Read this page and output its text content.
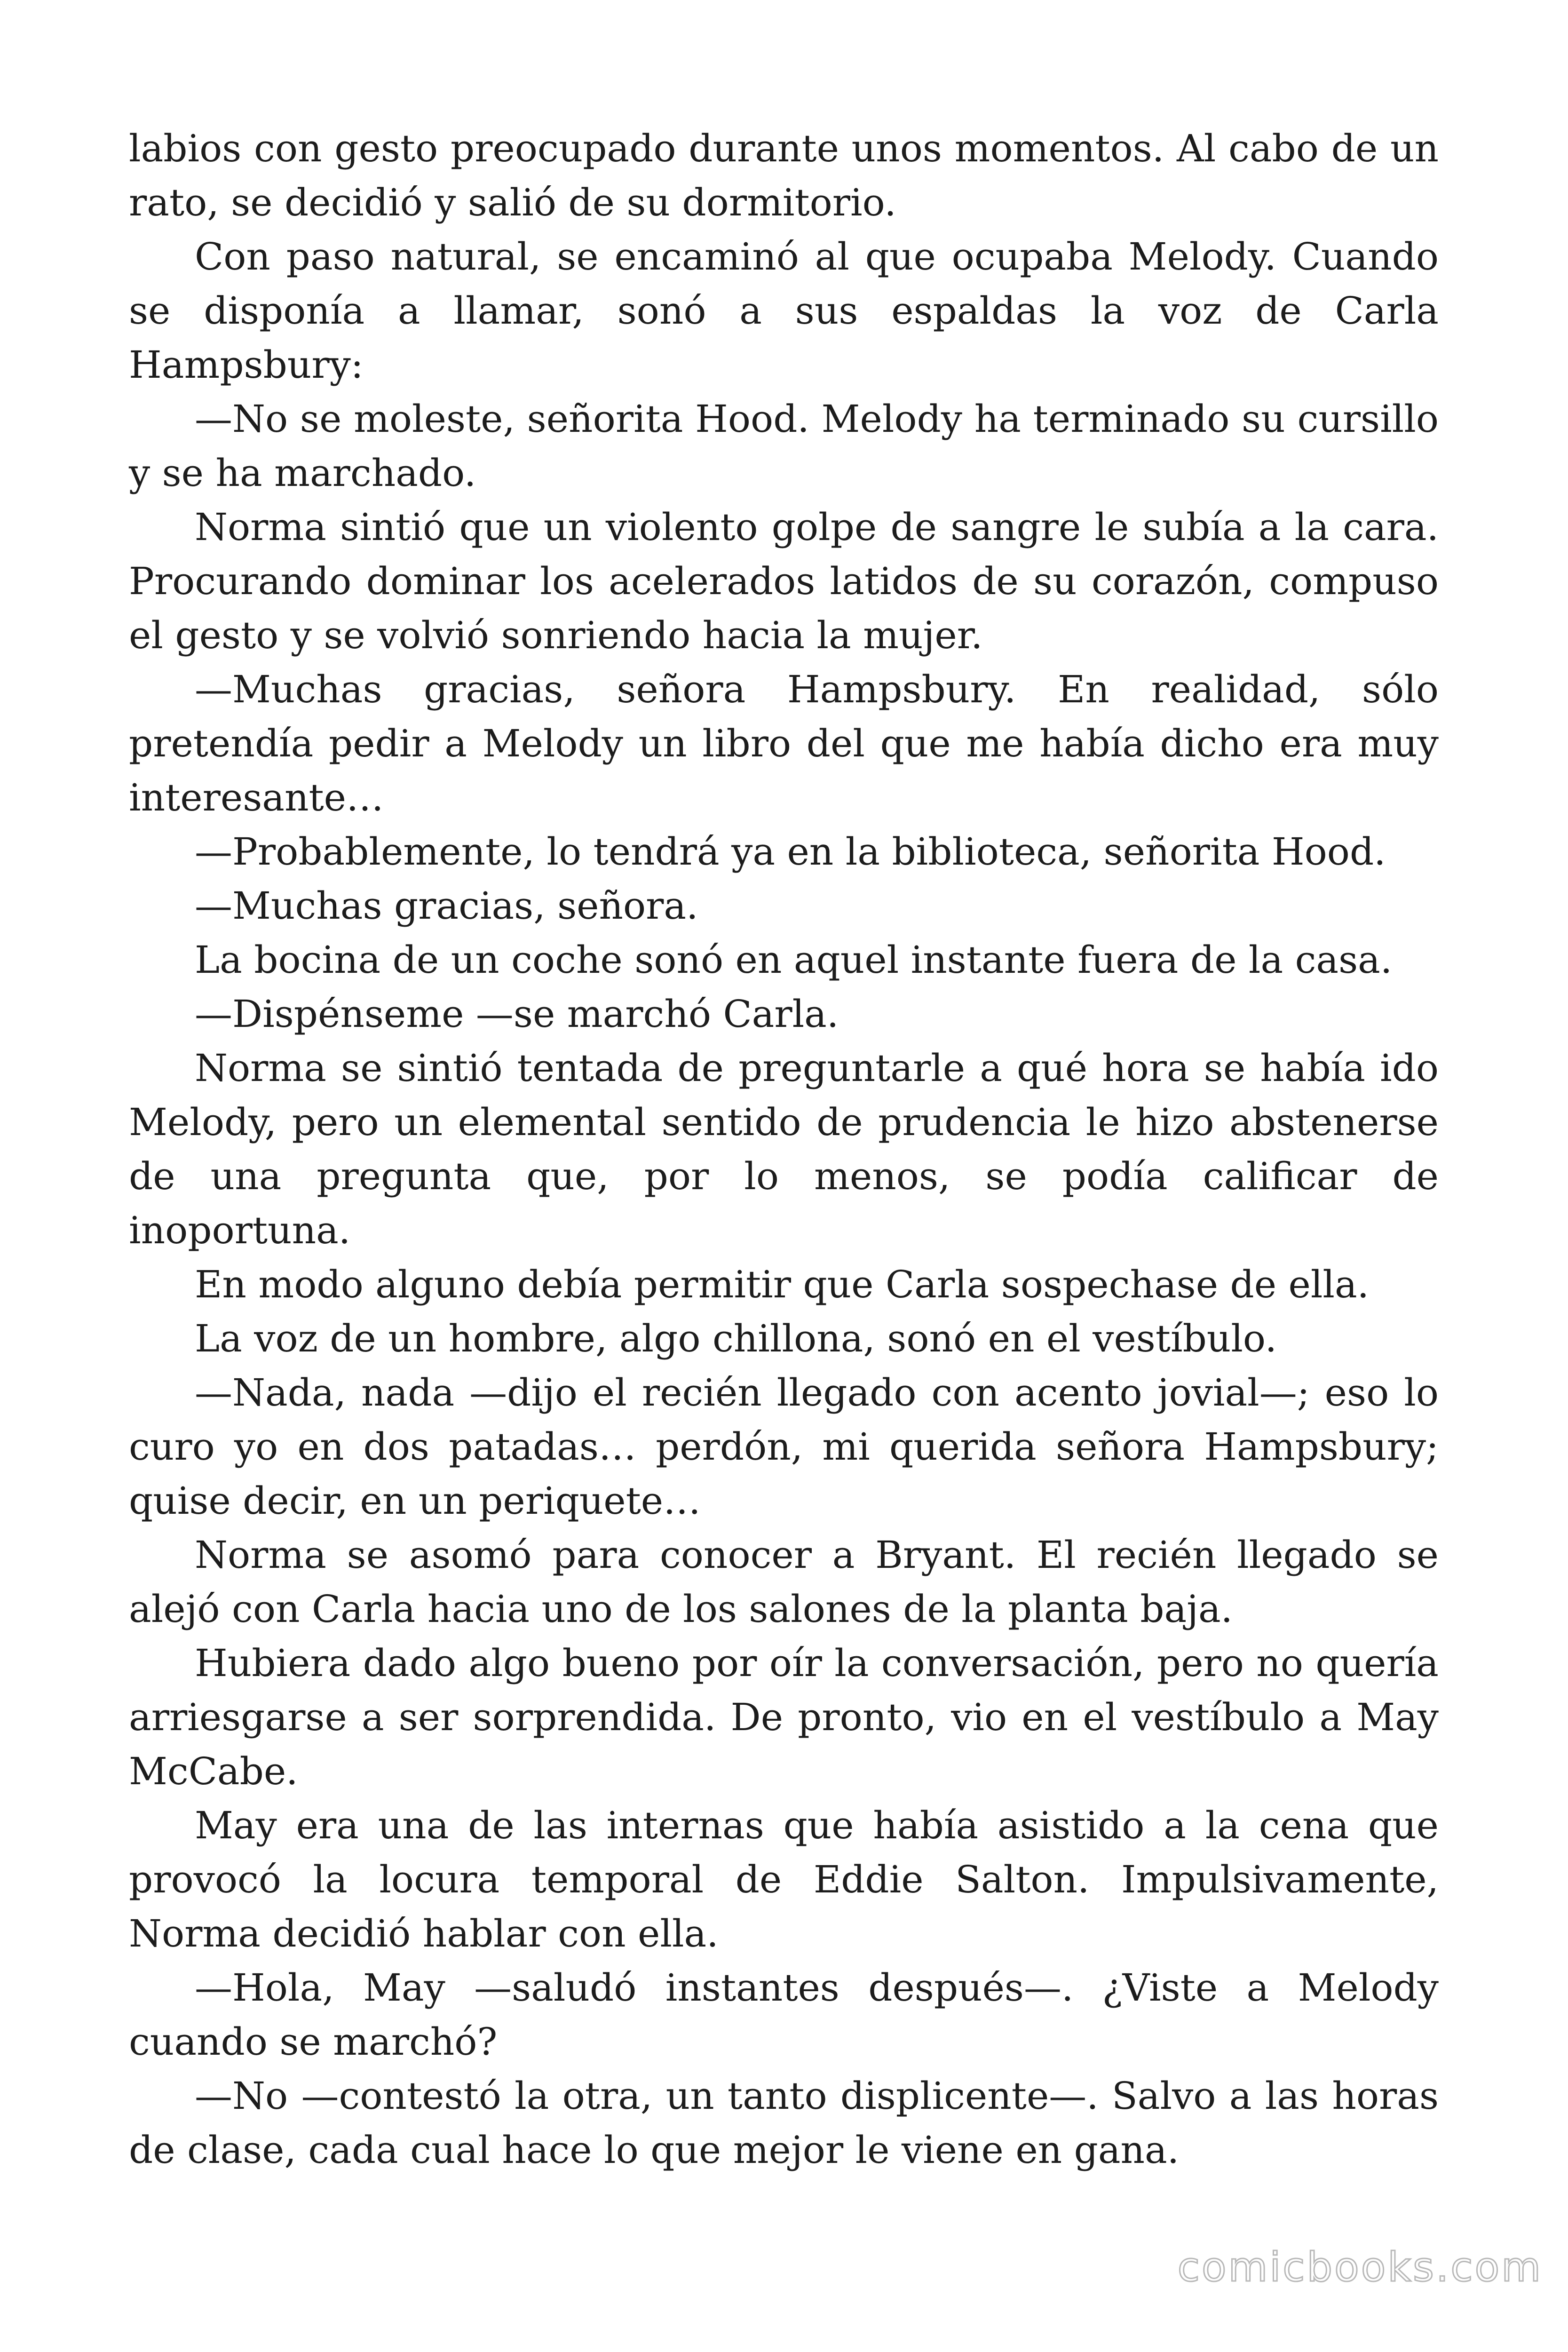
labios con gesto preocupado durante unos momentos. Al cabo de un rato, se decidió y salió de su dormitorio.

Con paso natural, se encaminó al que ocupaba Melody. Cuando se disponía a llamar, sonó a sus espaldas la voz de Carla Hampsbury:

—No se moleste, señorita Hood. Melody ha terminado su cursillo y se ha marchado.

Norma sintió que un violento golpe de sangre le subía a la cara. Procurando dominar los acelerados latidos de su corazón, compuso el gesto y se volvió sonriendo hacia la mujer.

—Muchas gracias, señora Hampsbury. En realidad, sólo pretendía pedir a Melody un libro del que me había dicho era muy interesante…

—Probablemente, lo tendrá ya en la biblioteca, señorita Hood.

—Muchas gracias, señora.

La bocina de un coche sonó en aquel instante fuera de la casa.

—Dispénseme —se marchó Carla.

Norma se sintió tentada de preguntarle a qué hora se había ido Melody, pero un elemental sentido de prudencia le hizo abstenerse de una pregunta que, por lo menos, se podía calificar de inoportuna.

En modo alguno debía permitir que Carla sospechase de ella.

La voz de un hombre, algo chillona, sonó en el vestíbulo.

—Nada, nada —dijo el recién llegado con acento jovial—; eso lo curo yo en dos patadas… perdón, mi querida señora Hampsbury; quise decir, en un periquete…

Norma se asomó para conocer a Bryant. El recién llegado se alejó con Carla hacia uno de los salones de la planta baja.

Hubiera dado algo bueno por oír la conversación, pero no quería arriesgarse a ser sorprendida. De pronto, vio en el vestíbulo a May McCabe.

May era una de las internas que había asistido a la cena que provocó la locura temporal de Eddie Salton. Impulsivamente, Norma decidió hablar con ella.

—Hola, May —saludó instantes después—. ¿Viste a Melody cuando se marchó?

—No —contestó la otra, un tanto displicente—. Salvo a las horas de clase, cada cual hace lo que mejor le viene en gana.

comicbooks.com
